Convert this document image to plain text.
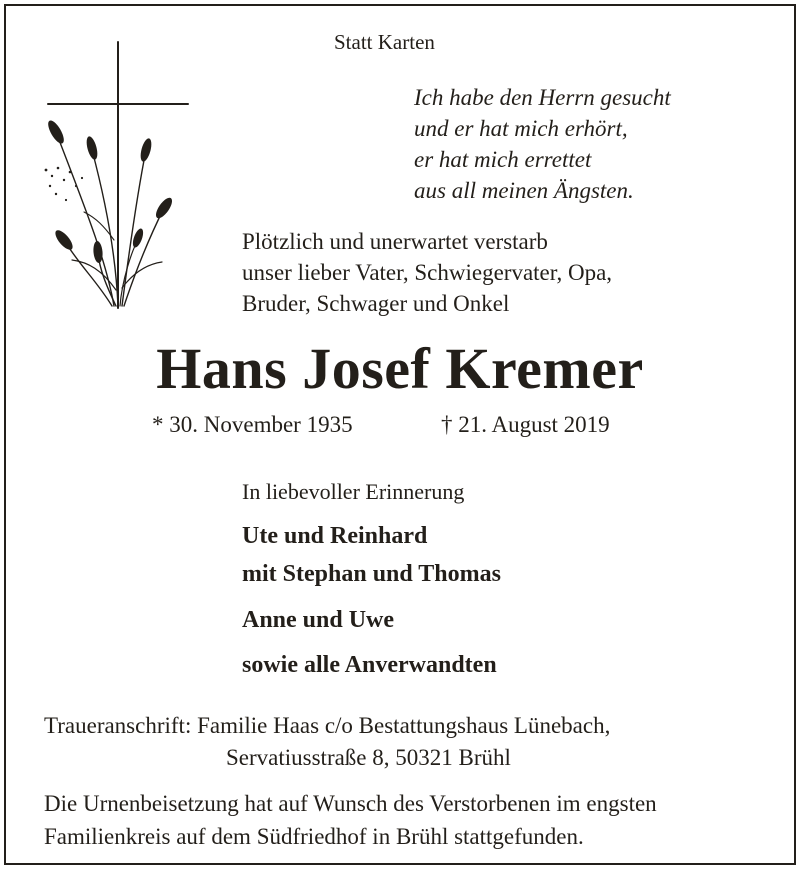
Statt Karten
Ich habe den Herrn gesucht
und er hat mich erhört,
er hat mich errettet
aus all meinen Ängsten.
Plötzlich und unerwartet verstarb
unser lieber Vater, Schwiegervater, Opa,
Bruder, Schwager und Onkel
Hans Josef Kremer
* 30. November 1935	† 21. August 2019
In liebevoller Erinnerung
Ute und Reinhard
mit Stephan und Thomas
Anne und Uwe
sowie alle Anverwandten
Traueranschrift: Familie Haas c/o Bestattungshaus Lünebach,
Servatiusstraße 8, 50321 Brühl
Die Urnenbeisetzung hat auf Wunsch des Verstorbenen im engsten
Familienkreis auf dem Südfriedhof in Brühl stattgefunden.
